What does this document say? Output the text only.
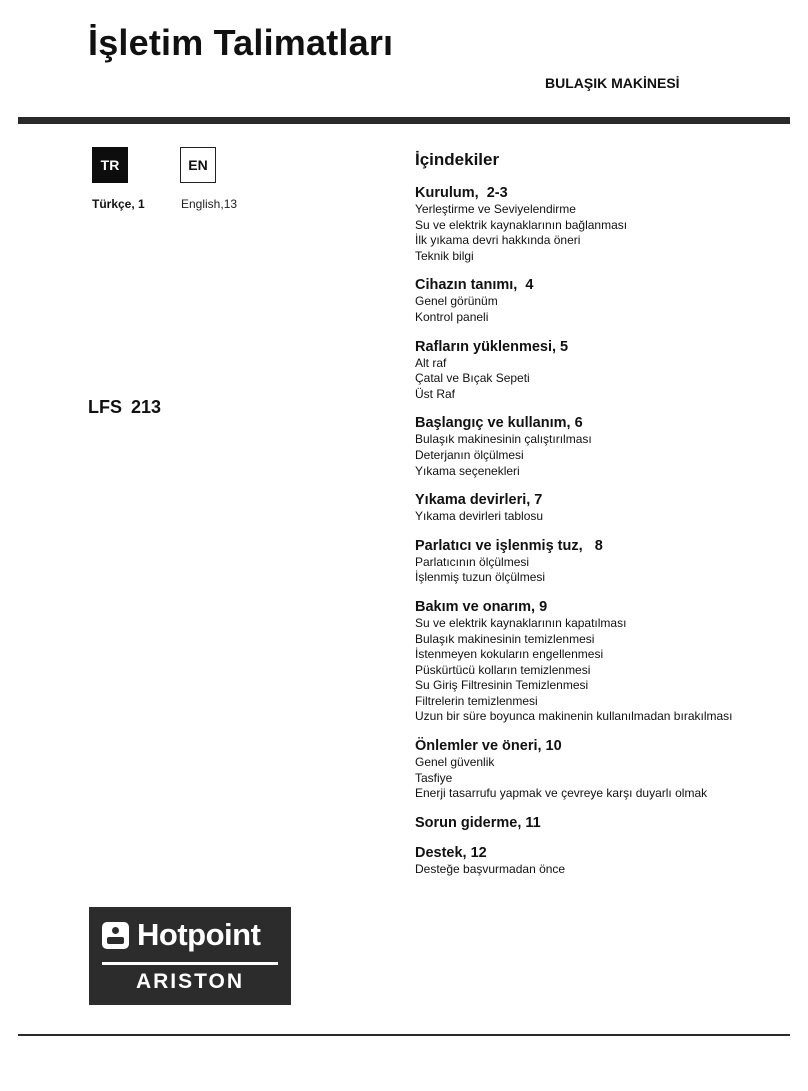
İşletim Talimatları
BULAŞIK MAKİNESİ
TR	EN
Türkçe, 1	English,13
LFS 213
Hotpoint
ARISTON
İçindekiler
Kurulum,  2-3
Yerleştirme ve Seviyelendirme
Su ve elektrik kaynaklarının bağlanması
İlk yıkama devri hakkında öneri
Teknik bilgi
Cihazın tanımı,  4
Genel görünüm
Kontrol paneli
Rafların yüklenmesi, 5
Alt raf
Çatal ve Bıçak Sepeti
Üst Raf
Başlangıç ve kullanım, 6
Bulaşık makinesinin çalıştırılması
Deterjanın ölçülmesi
Yıkama seçenekleri
Yıkama devirleri, 7
Yıkama devirleri tablosu
Parlatıcı ve işlenmiş tuz,   8
Parlatıcının ölçülmesi
İşlenmiş tuzun ölçülmesi
Bakım ve onarım, 9
Su ve elektrik kaynaklarının kapatılması
Bulaşık makinesinin temizlenmesi
İstenmeyen kokuların engellenmesi
Püskürtücü kolların temizlenmesi
Su Giriş Filtresinin Temizlenmesi
Filtrelerin temizlenmesi
Uzun bir süre boyunca makinenin kullanılmadan bırakılması
Önlemler ve öneri, 10
Genel güvenlik
Tasfiye
Enerji tasarrufu yapmak ve çevreye karşı duyarlı olmak
Sorun giderme, 11
Destek, 12
Desteğe başvurmadan önce
